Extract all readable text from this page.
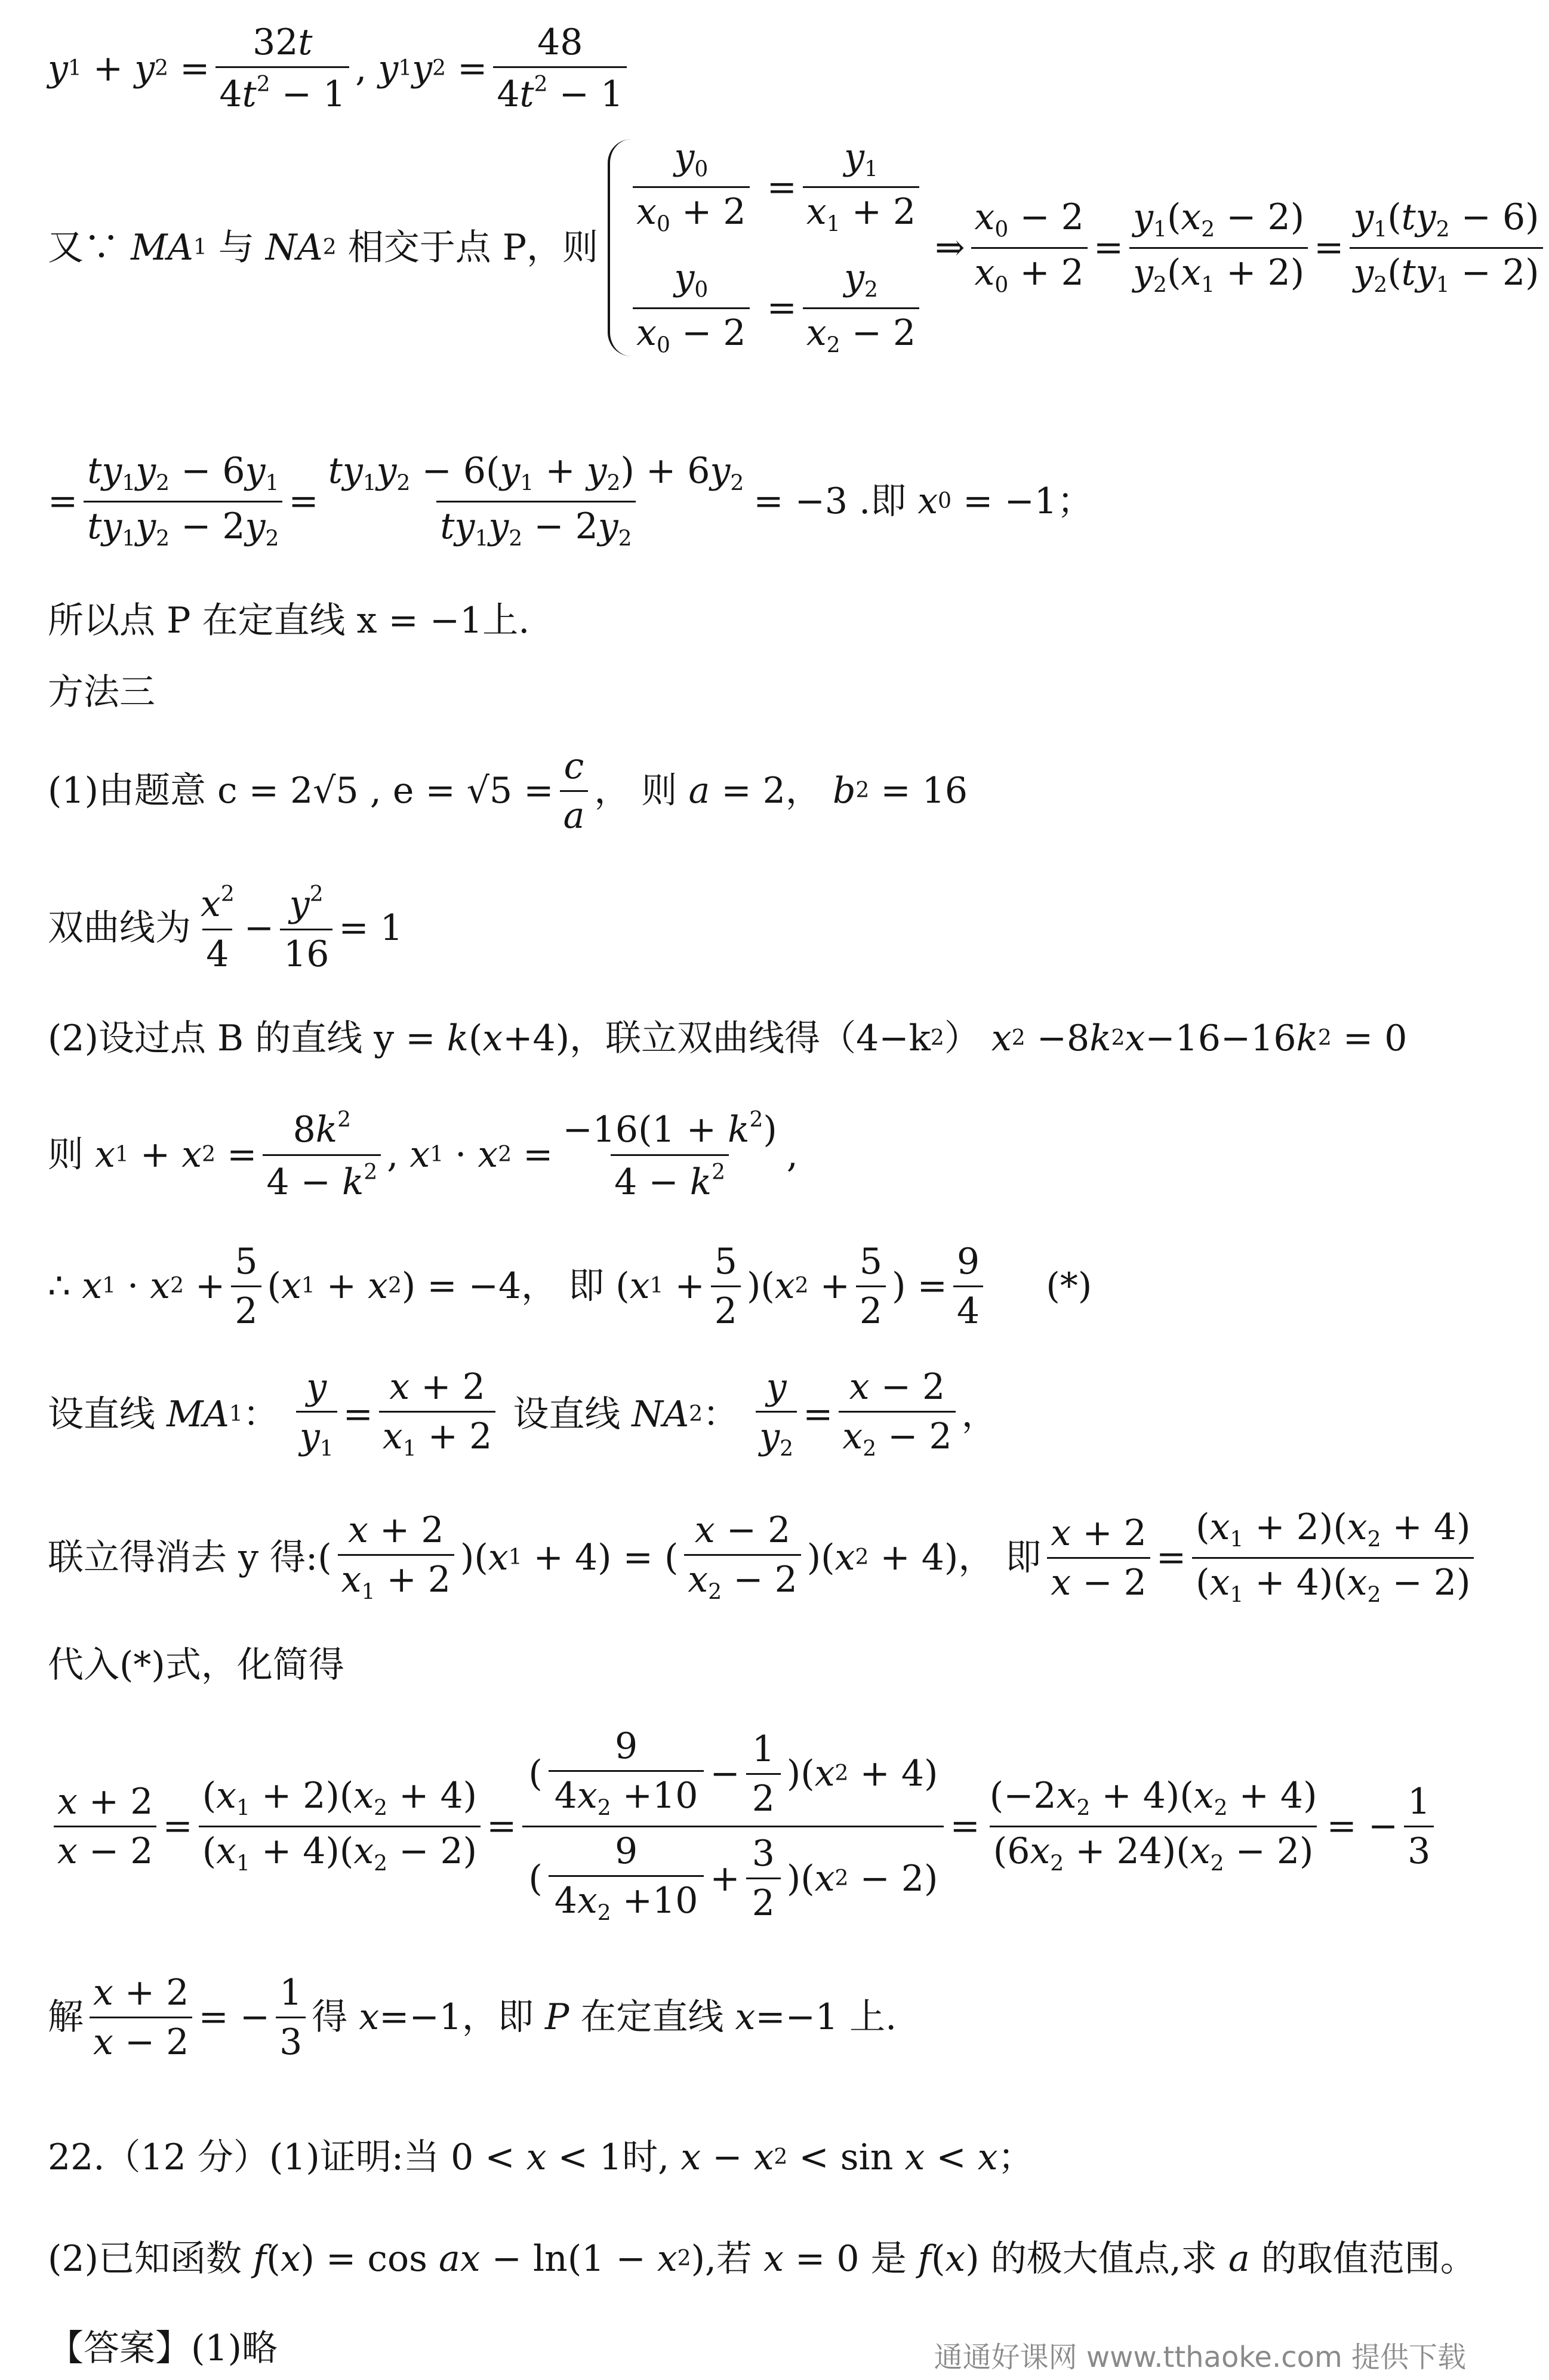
y 1 + y $2 = \frac{32t}{4t^2 - 1}$ , y 1 y $2 = \frac{48}{4t^2 - 1}$
又∵ MA 1 与 NA 2 相交于点 P，则
$\frac{y_0}{x_0 + 2} = \frac{y_1}{x_1 + 2}$
$\frac{y_0}{x_0 - 2} = \frac{y_2}{x_2 - 2}$
⇒ $\frac{x_0 - 2}{x_0 + 2} = \frac{y_1(x_2 - 2)}{y_2(x_1 + 2)} = \frac{y_1(ty_2 - 6)}{y_2(ty_1 - 2)}$
= $\frac{ty_1y_2 - 6y_1}{ty_1y_2 - 2y_2} = \frac{ty_1y_2 - 6(y_1 + y_2) + 6y_2}{ty_1y_2 - 2y_2} = -3$ .即 x 0 = −1；
所以点 P 在定直线 x = −1上.
方法三
(1)由题意 c = 2√5 , $e = √5 = \frac{c}{a}$ ， 则 a = 2， b 2 = 16
双曲线为 $\frac{x^2}{4} - \frac{y^2}{16} = 1$
(2)设过点 B 的直线 y = k ( x +4)，联立双曲线得（4−k 2 ） x 2 −8 k 2 x −16−16 k 2 = 0
则 x 1 + x $2 = \frac{8k^2}{4 - k^2}$ , x 1 · x $2 = \frac{-16(1 + k^2)}{4 - k^2}$ ,
∴ x 1 · x $2 + \frac{5}{2}$ ( x 1 + x 2 ) = −4， 即 ( x $1 + \frac{5}{2}$ )( x $2 + \frac{5}{2}$ ) = $\frac{9}{4}$ (*)
设直线 MA 1 ： $\frac{y}{y_1} = \frac{x + 2}{x_1 + 2}$ 设直线 NA 2 ： $\frac{y}{y_2} = \frac{x - 2}{x_2 - 2}$ ，
联立得消去 y 得:( $\frac{x + 2}{x_1 + 2}$ )( x 1 + 4) = ( $\frac{x - 2}{x_2 - 2}$ )( x 2 + 4)， 即 $\frac{x + 2}{x - 2} = \frac{(x_1 + 2)(x_2 + 4)}{(x_1 + 4)(x_2 - 2)}$
代入(*)式，化简得
$\frac{x + 2}{x - 2} = \frac{(x_1 + 2)(x_2 + 4)}{(x_1 + 4)(x_2 - 2)} = \frac{( \frac{9}{4x_2 +10} - \frac{1}{2} )( x 2 + 4)}{( \frac{9}{4x_2 +10} + \frac{3}{2} )( x 2 - 2)} = \frac{(-2x_2 + 4)(x_2 + 4)}{(6x_2 + 24)(x_2 - 2)}$ = − $\frac{1}{3}$
解 $\frac{x + 2}{x - 2}$ = − $\frac{1}{3}$ 得 x =−1，即 P 在定直线 x =−1 上.
22.（12 分）(1)证明:当 0 < x < 1时, x − x 2 < sin x < x ；
(2)已知函数 f ( x ) = cos ax − ln(1 − x 2 ),若 x = 0 是 f ( x ) 的极大值点,求 a 的取值范围。
【答案】(1)略	通通好课网 www.tthaoke.com 提供下载
